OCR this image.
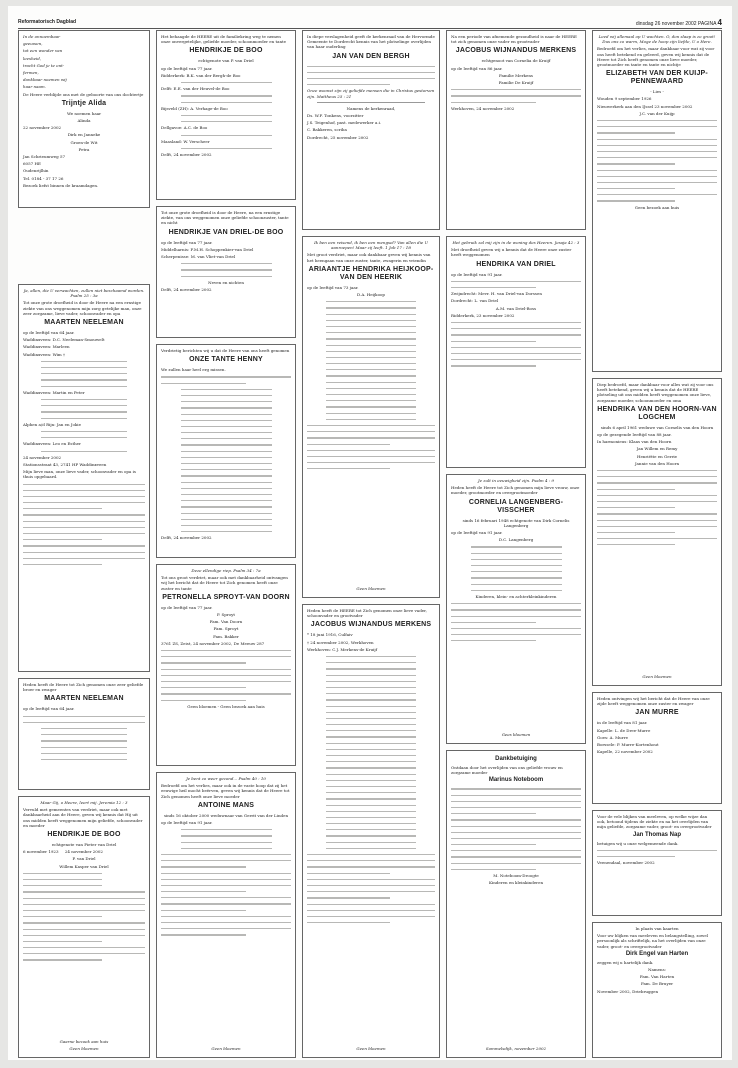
Reformatorisch Dagblad	dinsdag 26 november 2002 PAGINA 4

In de onnoembaar

geeuwen,

tot een wonder van

leesheid,

tracht God je te ont-

fermen,

dankbaar noemen wij

haar naam.

De Heere verblijde ons met de geboorte van ons dochtertje

Trijntje Alida

We noemen haar

Alinda

22 november 2002

Dirk en Janneke

Groen-de Wit

Petra

Jan Schrieumweg 57

6057 HE

Oudenrijlhin

Tel. 0184 - 37 17 26

Bezoek liefst binnen de kraamdagen.

Ja, allen, die U verwachten, zullen niet beschaamd worden. Psalm 25 : 3a

Tot onze grote droefheid is door de Heere na een ernstige ziekte van ons weggenomen mijn zorg getelijke man, onze zeer zorgzame, lieve vader, schoonvader en opa

MAARTEN NEELEMAN

op de leeftijd van 64 jaar.

Waddinxveen: D.C. Neeleman-Smouwelt

Waddinxveen: Marleen

Waddinxveen: Wim †

Waddinxveen: Martin en Peter

Alphen a/d Rijn: Jan en Jokie

Waddinxveen: Leo en Esther

24 november 2002

Stationsstraat 43, 2741 HP Waddinxveen

Mijn lieve man, onze lieve vader, schoonvader en opa is thuis opgebaard.

Heden heeft de Heere tot Zich genomen onze zeer geliefde broer en zwager

MAARTEN NEELEMAN

op de leeftijd van 64 jaar.

Maar Gij, o Heere, leert mij. Jeremia 12 : 3

Vervuld met gemeentes van verdriet, maar ook met dankbaarheid aan de Heere, geven wij kennis dat Hij uit ons midden heeft weggenomen mijn geliefde, schoonvader en moeder

HENDRIKJE DE BOO

echtgenote van Pieter van Driel

6 november 1923 24 november 2002

P. van Driel

Willem Kasper van Driel

Gaarne bezoek aan huis

Geen bloemen

Het behaagde de HEERE uit de familiekring weg te nemen onze onvergetelijke, geliefde moeder, schoonmoeder en tante

HENDRIKJE DE BOO

echtgenote van P. van Driel

op de leeftijd van 77 jaar.

Ridderkerk: B.K. van der Bergh-de Boo

Delft: E.E. van der Heuvel-de Boo

Bijsveld (ZH): A. Verhage-de Boo

Dellgavoe: A.C. de Boo

Maasland: W. Verscheer

Delft, 24 november 2002

Tot onze grote droefheid is door de Heere, na een ernstige ziekte, van ons weggenomen onze geliefde schoonzuster, tante en nicht

HENDRIKJE VAN DRIEL-DE BOO

op de leeftijd van 77 jaar.

Middelharnis: F.M.H. Schoppenkier-van Driel

Scherpenisse: M. van Vliet-van Driel

Neven en nichten

Delft, 24 november 2002

Verdrietig berichten wij u dat de Heere van ons heeft genomen

ONZE TANTE HENNY

We zullen haar heel erg missen.

Delft, 24 november 2002

Deze ellendige riep. Psalm 34 : 7a

Tot ons groot verdriet, maar ook met dankbaarheid ontvangen wij het bericht dat de Heere tot Zich genomen heeft onze zuster en tante

PETRONELLA SPROYT-VAN DOORN

op de leeftijd van 77 jaar.

P. Sproyt

Fam. Van Doorn

Fam. Sproyt

Fam. Bakker

3761 ZS, Zeist, 24 november 2002, De Meeuw 287

Geen bloemen - Geen bezoek aan huis

Je bent zo weer gezond... Psalm 40 : 10

Bedroefd om het verlies, maar ook in de vaste hoop dat zij het eeuwige heil mocht beërven, geven wij kennis dat de Heere tot Zich genomen heeft onze lieve moeder

ANTOINE MANS

sinds 16 oktober 2000 weduwnaar van Gerrit van der Linden

op de leeftijd van 91 jaar.

Geen bloemen

In diepe verslagenheid geeft de kerkenraad van de Hervormde Gemeente te Dordrecht kennis van het plotselinge overlijden van haar ouderling

JAN VAN DEN BERGH

Onze woonst zijn zij geliefde mensen die in Christus gestorven zijn. Mattheus 25 : 21

Namens de kerkenraad,

Ds. W.F. Tonkens, voorzitter

J.S. Teigenhof, past. medewerker a.i.

C. Bakkeren, scriba

Dordrecht, 25 november 2002

Ik ben een reisend, ik ben een mengsel? Van allen die U aanroepen! Maar zij leeft. 1 Job 17 : 18

Met groot verdriet, maar ook dankbaar geven wij kennis van het heengaan van onze zuster, tante, zwagerin en vriendin

ARIAANTJE HENDRIKA HEIJKOOP-VAN DEN HEERIK

op de leeftijd van 73 jaar.

D.A. Heijkoop

Geen bloemen

Heden heeft de HEERE tot Zich genomen onze lieve vader, schoonvader en grootvader

JACOBUS WIJNANDUS MERKENS

* 18 juni 1916, Culfaiv

† 24 november 2002, Werkhoven

Werkhoven: C.J. Merkens-de Kruijf

Geen bloemen

Na een periode van afnemende gezondheid is naar de HEERE tot zich genomen onze vader en grootvader

JACOBUS WIJNANDUS MERKENS

echtgenoot van Cornelia de Kruijf

op de leeftijd van 86 jaar.

Familie Merkens

Familie De Kruijf

Werkhoven, 24 november 2002

Het gebruik zal mij zijn in de woning des Heeren. Jesaja 42 : 3

Met droefheid geven wij u kennis dat de Heere onze zuster heeft weggenomen

HENDRIKA VAN DRIEL

op de leeftijd van 91 jaar.

Zwijndrecht: Mevr. H. van Driel-van Dorssen

Dordrecht: L. van Driel

A.M. van Driel-Boss

Ridderkerk, 23 november 2002

Je zult in eeuwigheid zijn. Psalm 4 : 9

Heden heeft de Heere tot Zich genomen mijn lieve vrouw, onze moeder, grootmoeder en overgrootmoeder

CORNELIA LANGENBERG-VISSCHER

sinds 16 februari 1948 echtgenote van Dirk Cornelis Langenberg

op de leeftijd van 91 jaar.

D.C. Langenberg

Kinderen, klein- en achterkleinkinderen

Gees bloemen

Dankbetuiging

Ontdaan door het overlijden van ons geliefde vrouw en zorgzame moeder

Marinus Noteboom

M. Noteboom-Droogte

Kinderen en kleinkinderen

Sommelsdijk, november 2002

Leed wij allemaal op U wachten. O, don slaap is zo groot! Dus ons zo warm, Moge de hoop zijn liefde, U o Here.

Bedroefd om het verlies, maar dankbaar voor wat zij voor ons heeft betekend en geleerd, geven wij kennis dat de Heere tot Zich heeft genomen onze lieve moeder, grootmoeder en tante en tante en nichtje

ELIZABETH VAN DER KUIJP-PENNEWAARD

- Lies -

Wouden 9 september 1926

Nieuwerkerk aan den IJssel 23 november 2002

J.C. van der Kuijp

Geen bezoek aan huis

Diep bedroefd, maar dankbaar voor alles wat zij voor ons heeft betekend, geven wij u kennis dat de HEERE plotseling uit ons midden heeft weggenomen onze lieve, zorgzame moeder, schoonmoeder en oma

HENDRIKA VAN DEN HOORN-VAN LOGCHEM

sinds 6 april 1961 weduwe van Cornelis van den Hoorn

op de gezegende leeftijd van 88 jaar.

In harmonieus: Klaas van den Hoorn

Jan Willem en Remy

Henriëtte en Gerrie

Jannie van den Hoorn

Geen bloemen

Heden ontvingen wij het bericht dat de Heere van onze zijde heeft weggenomen onze zuster en zwager

JAN MURRE

in de leeftijd van 81 jaar.

Kapelle: L. de Dree-Murre

Goes: A. Murre

Borssele: P. Murre-Kortenhout

Kapelle, 22 november 2002

Voor de vele blijken van meeleven, op welke wijze dan ook, betoond tijdens de ziekte en na het overlijden van mijn geliefde, zorgzame vader, groot- en overgrootvader

Jan Thomas Nap

betuigen wij u onze welgemeende dank.

Veenendaal, november 2002

In plaats van kaarten

Voor uw blijken van meeleven en belangstelling, zowel persoonlijk als schriftelijk, na het overlijden van onze vader, groot- en overgrootvader

Dirk Engel van Harten

zeggen wij u hartelijk dank.

Namens:

Fam. Van Harten

Fam. De Bruyer

November 2002, Driebruggen
